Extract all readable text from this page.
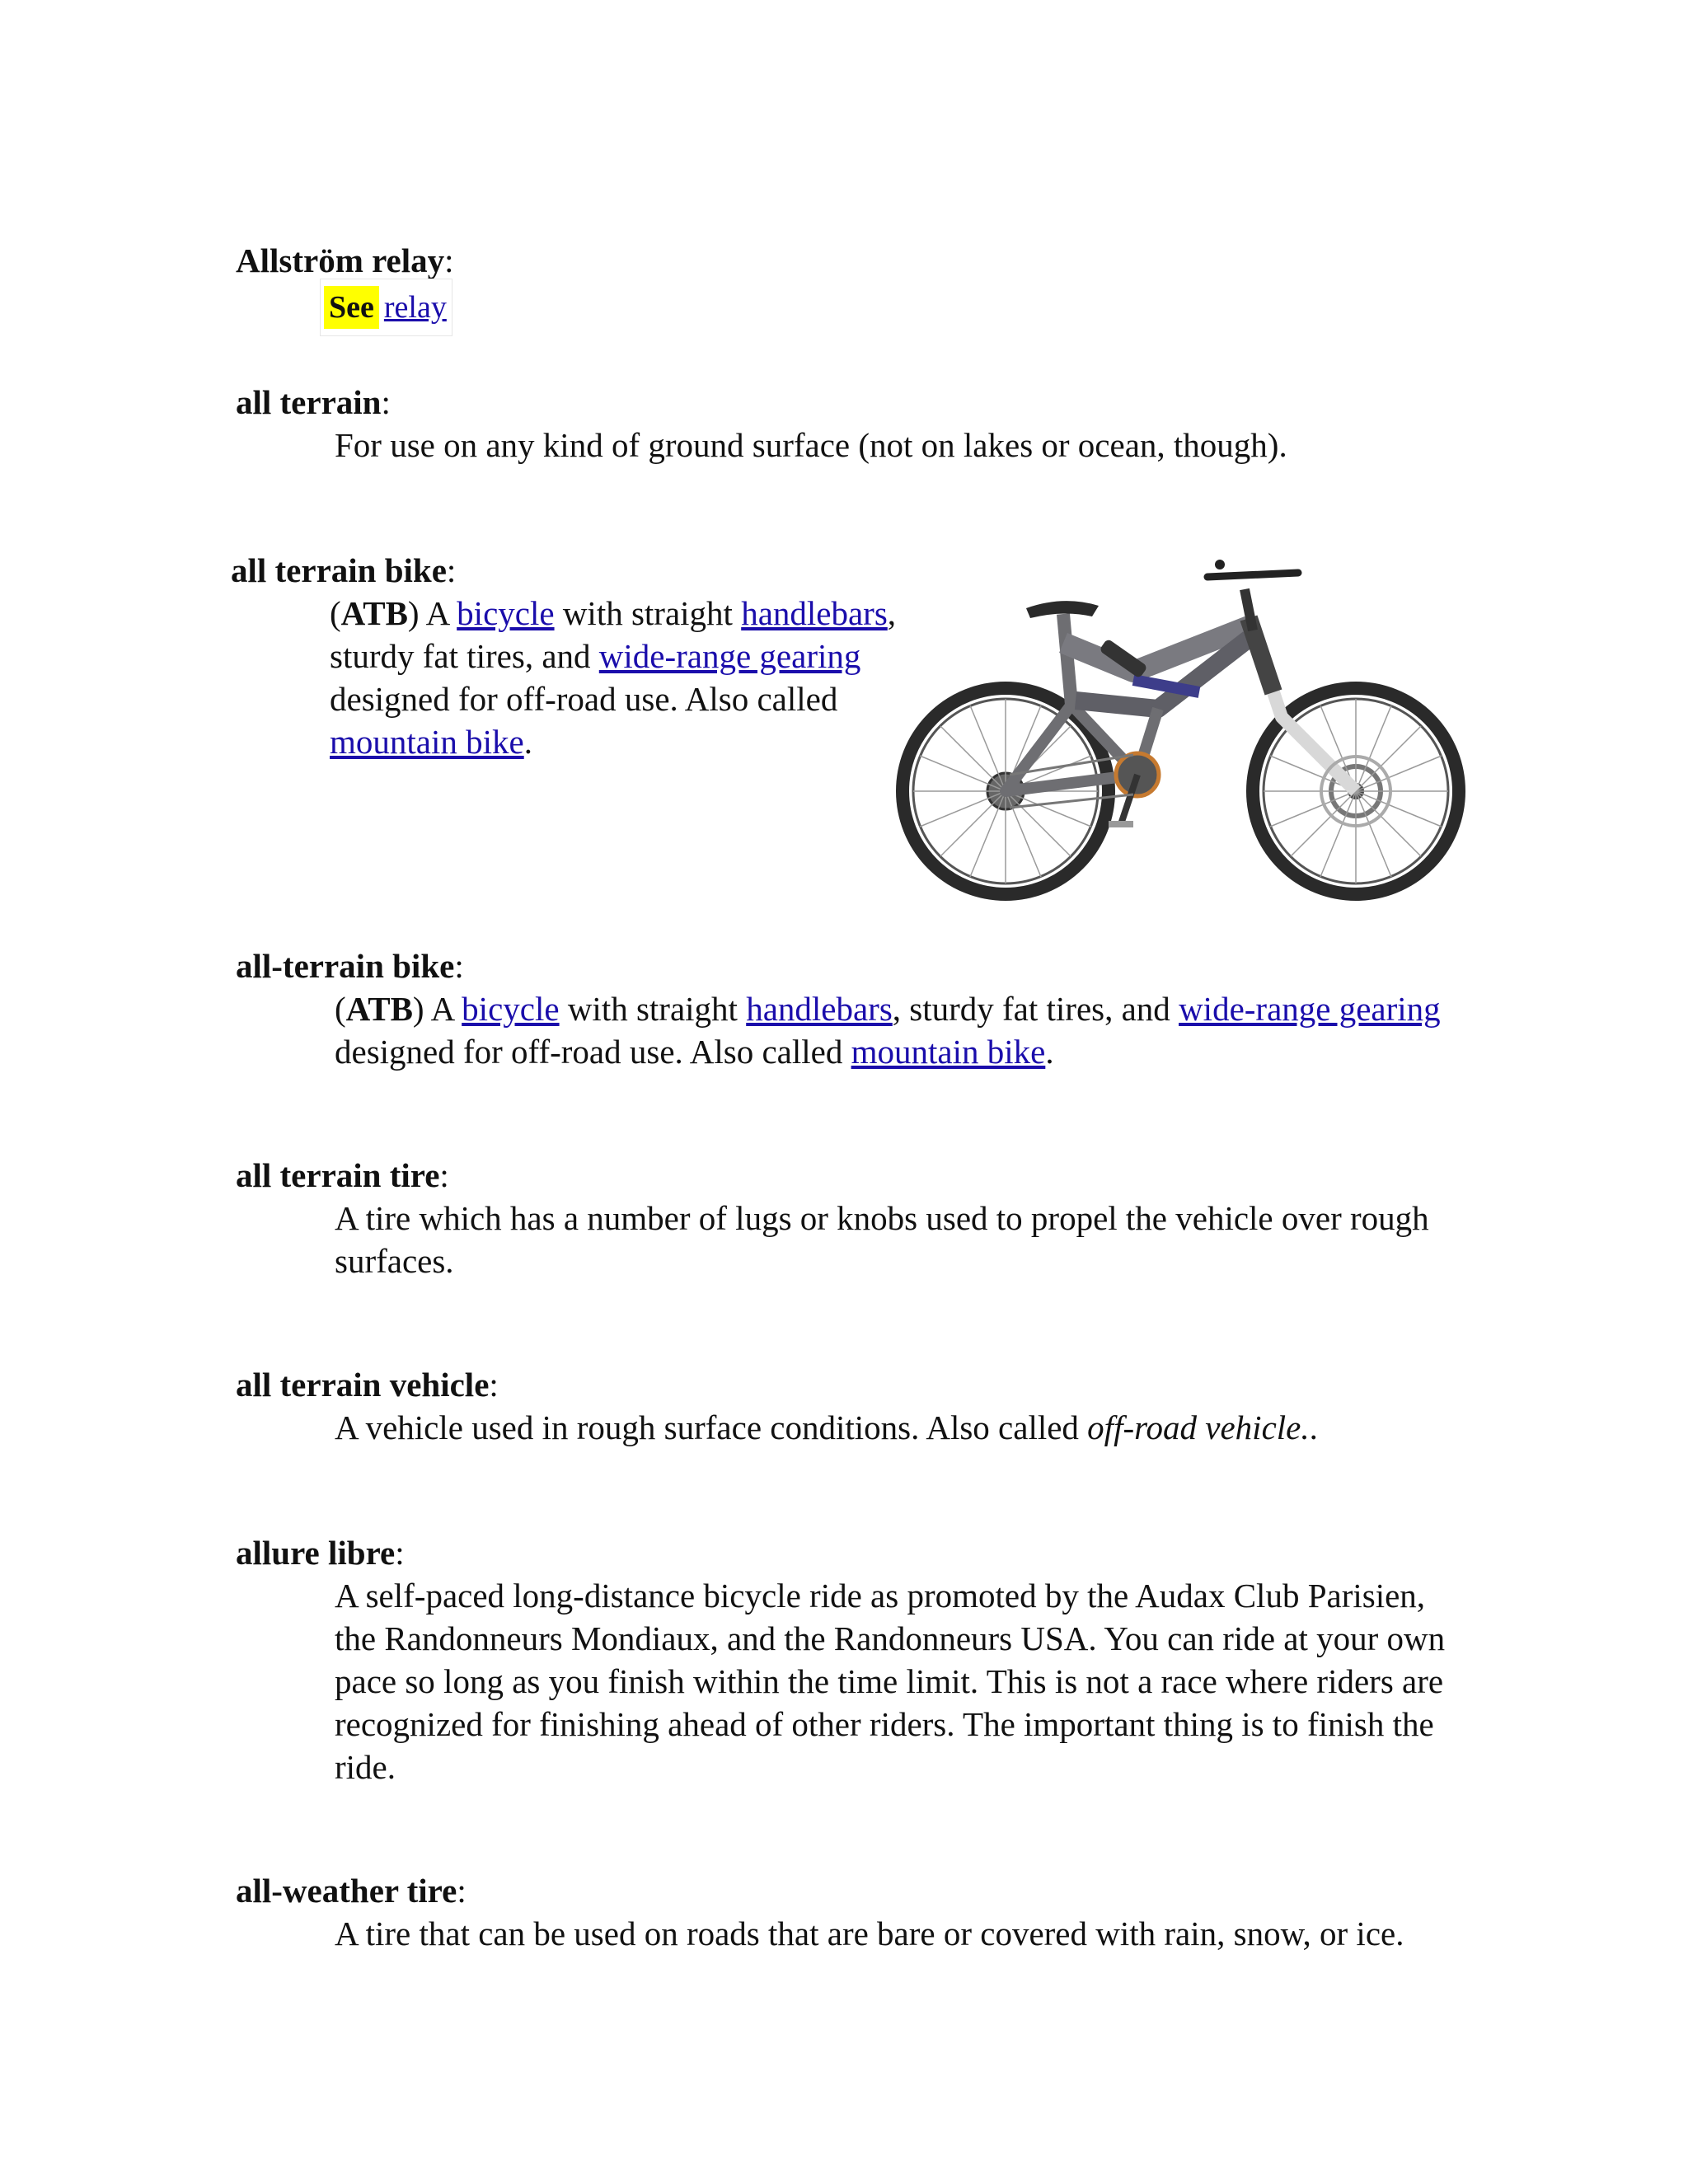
Allström relay:
See relay
all terrain:
For use on any kind of ground surface (not on lakes or ocean, though).
all terrain bike:
(ATB) A bicycle with straight handlebars, sturdy fat tires, and wide-range gearing designed for off-road use. Also called mountain bike.
all-terrain bike:
(ATB) A bicycle with straight handlebars, sturdy fat tires, and wide-range gearing designed for off-road use. Also called mountain bike.
all terrain tire:
A tire which has a number of lugs or knobs used to propel the vehicle over rough surfaces.
all terrain vehicle:
A vehicle used in rough surface conditions. Also called off-road vehicle..
allure libre:
A self-paced long-distance bicycle ride as promoted by the Audax Club Parisien, the Randonneurs Mondiaux, and the Randonneurs USA. You can ride at your own pace so long as you finish within the time limit. This is not a race where riders are recognized for finishing ahead of other riders. The important thing is to finish the ride.
all-weather tire:
A tire that can be used on roads that are bare or covered with rain, snow, or ice.
